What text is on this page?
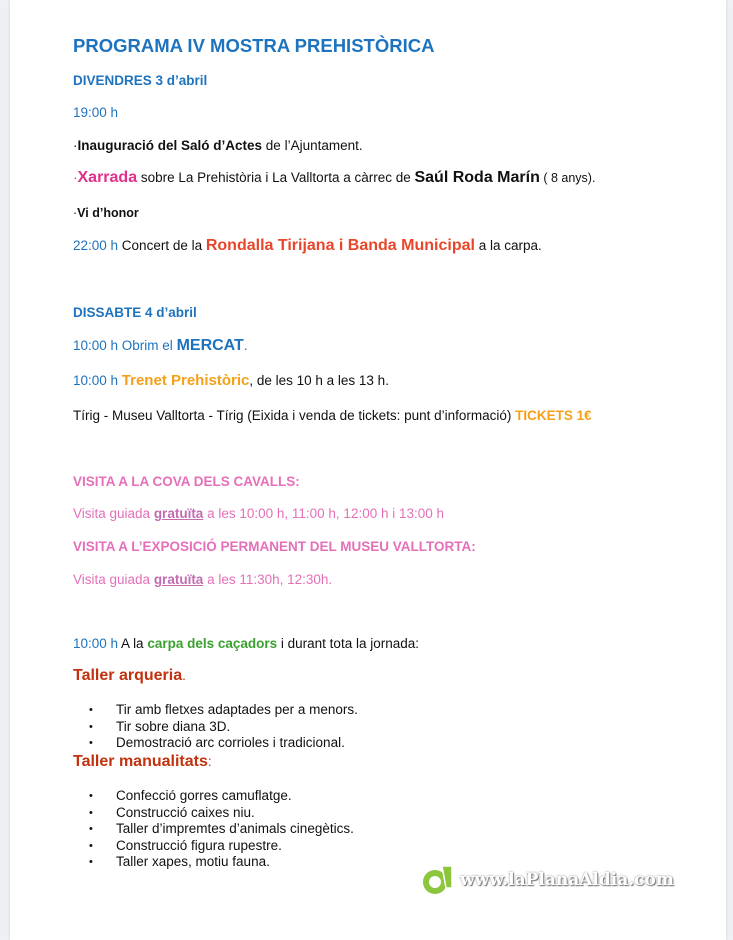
PROGRAMA IV MOSTRA PREHISTÒRICA
DIVENDRES 3 d’abril
19:00 h
·Inauguració del Saló d’Actes de l’Ajuntament.
·Xarrada sobre La Prehistòria i La Valltorta a càrrec de Saúl Roda Marín ( 8 anys).
·Vi d’honor
22:00 h Concert de la Rondalla Tirijana i Banda Municipal a la carpa.
DISSABTE 4 d’abril
10:00 h Obrim el MERCAT.
10:00 h Trenet Prehistòric, de les 10 h a les 13 h.
Tírig - Museu Valltorta - Tírig (Eixida i venda de tickets: punt d’informació) TICKETS 1€
VISITA A LA COVA DELS CAVALLS:
Visita guiada gratuïta a les 10:00 h, 11:00 h, 12:00 h i 13:00 h
VISITA A L’EXPOSICIÓ PERMANENT DEL MUSEU VALLTORTA:
Visita guiada gratuïta a les 11:30h, 12:30h.
10:00 h A la carpa dels caçadors i durant tota la jornada:
Taller arqueria.
• Tir amb fletxes adaptades per a menors.
• Tir sobre diana 3D.
• Demostració arc corrioles i tradicional.
Taller manualitats:
• Confecció gorres camuflatge.
• Construcció caixes niu.
• Taller d’impremtes d’animals cinegètics.
• Construcció figura rupestre.
• Taller xapes, motiu fauna.
www.laPlanaAldia.com
